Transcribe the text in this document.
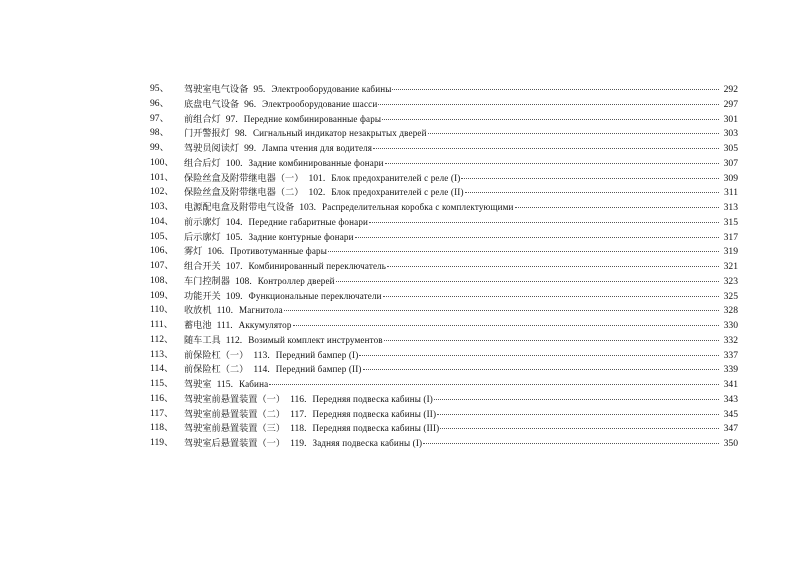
95、	驾驶室电气设备 95. Электрооборудование кабины	292
96、	底盘电气设备 96. Электрооборудование шасси	297
97、	前组合灯 97. Передние комбинированные фары	301
98、	门开警报灯 98. Сигнальный индикатор незакрытых дверей	303
99、	驾驶员阅读灯 99. Лампа чтения для водителя	305
100、	组合后灯 100. Задние комбинированные фонари	307
101、	保险丝盒及附带继电器（一） 101. Блок предохранителей с реле (I)	309
102、	保险丝盒及附带继电器（二） 102. Блок предохранителей с реле (II)	311
103、	电源配电盒及附带电气设备 103. Распределительная коробка с комплектующими	313
104、	前示廓灯 104. Передние габаритные фонари	315
105、	后示廓灯 105. Задние контурные фонари	317
106、	雾灯 106. Противотуманные фары	319
107、	组合开关 107. Комбинированный переключатель	321
108、	车门控制器 108. Контроллер дверей	323
109、	功能开关 109. Функциональные переключатели	325
110、	收放机 110. Магнитола	328
111、	蓄电池 111. Аккумулятор	330
112、	随车工具 112. Возимый комплект инструментов	332
113、	前保险杠（一） 113. Передний бампер (I)	337
114、	前保险杠（二） 114. Передний бампер (II)	339
115、	驾驶室 115. Кабина	341
116、	驾驶室前悬置装置（一） 116. Передняя подвеска кабины (I)	343
117、	驾驶室前悬置装置（二） 117. Передняя подвеска кабины (II)	345
118、	驾驶室前悬置装置（三） 118. Передняя подвеска кабины (III)	347
119、	驾驶室后悬置装置（一） 119. Задняя подвеска кабины (I)	350
